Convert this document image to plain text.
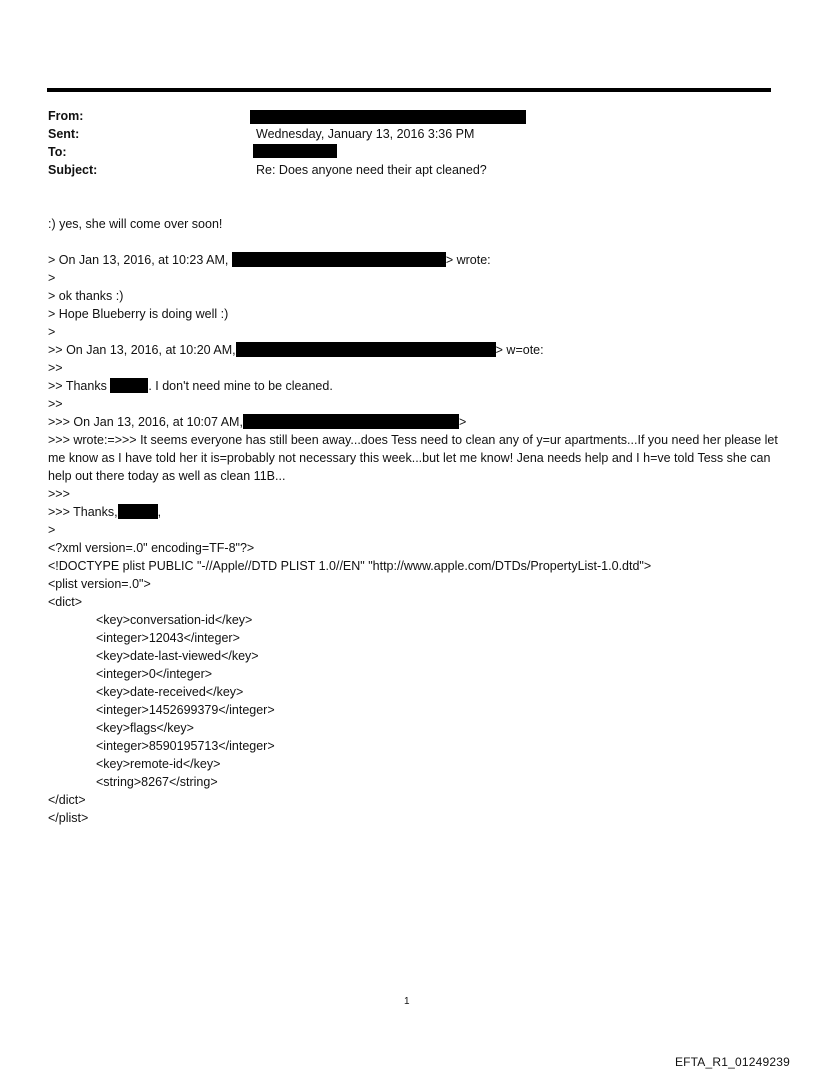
From:
Sent:	Wednesday, January 13, 2016 3:36 PM
To:
Subject:	Re: Does anyone need their apt cleaned?
:) yes, she will come over soon!
> On Jan 13, 2016, at 10:23 AM,	> wrote:
>
> ok thanks :)
> Hope Blueberry is doing well :)
>
>> On Jan 13, 2016, at 10:20 AM,	> w=ote:
>>
>> Thanks	. I don't need mine to be cleaned.
>>
>>> On Jan 13, 2016, at 10:07 AM,	>
>>> wrote:=>>> It seems everyone has still been away...does Tess need to clean any of y=ur apartments...If you need her please let me know as I have told her it is=probably not necessary this week...but let me know! Jena needs help and I h=ve told Tess she can help out there today as well as clean 11B...
>>>
>>> Thanks,	,
>
<?xml version=.0" encoding=TF-8"?>
<!DOCTYPE plist PUBLIC "-//Apple//DTD PLIST 1.0//EN" "http://www.apple.com/DTDs/PropertyList-1.0.dtd">
<plist version=.0">
<dict>
<key>conversation-id</key>
<integer>12043</integer>
<key>date-last-viewed</key>
<integer>0</integer>
<key>date-received</key>
<integer>1452699379</integer>
<key>flags</key>
<integer>8590195713</integer>
<key>remote-id</key>
<string>8267</string>
</dict>
</plist>
1
EFTA_R1_01249239
